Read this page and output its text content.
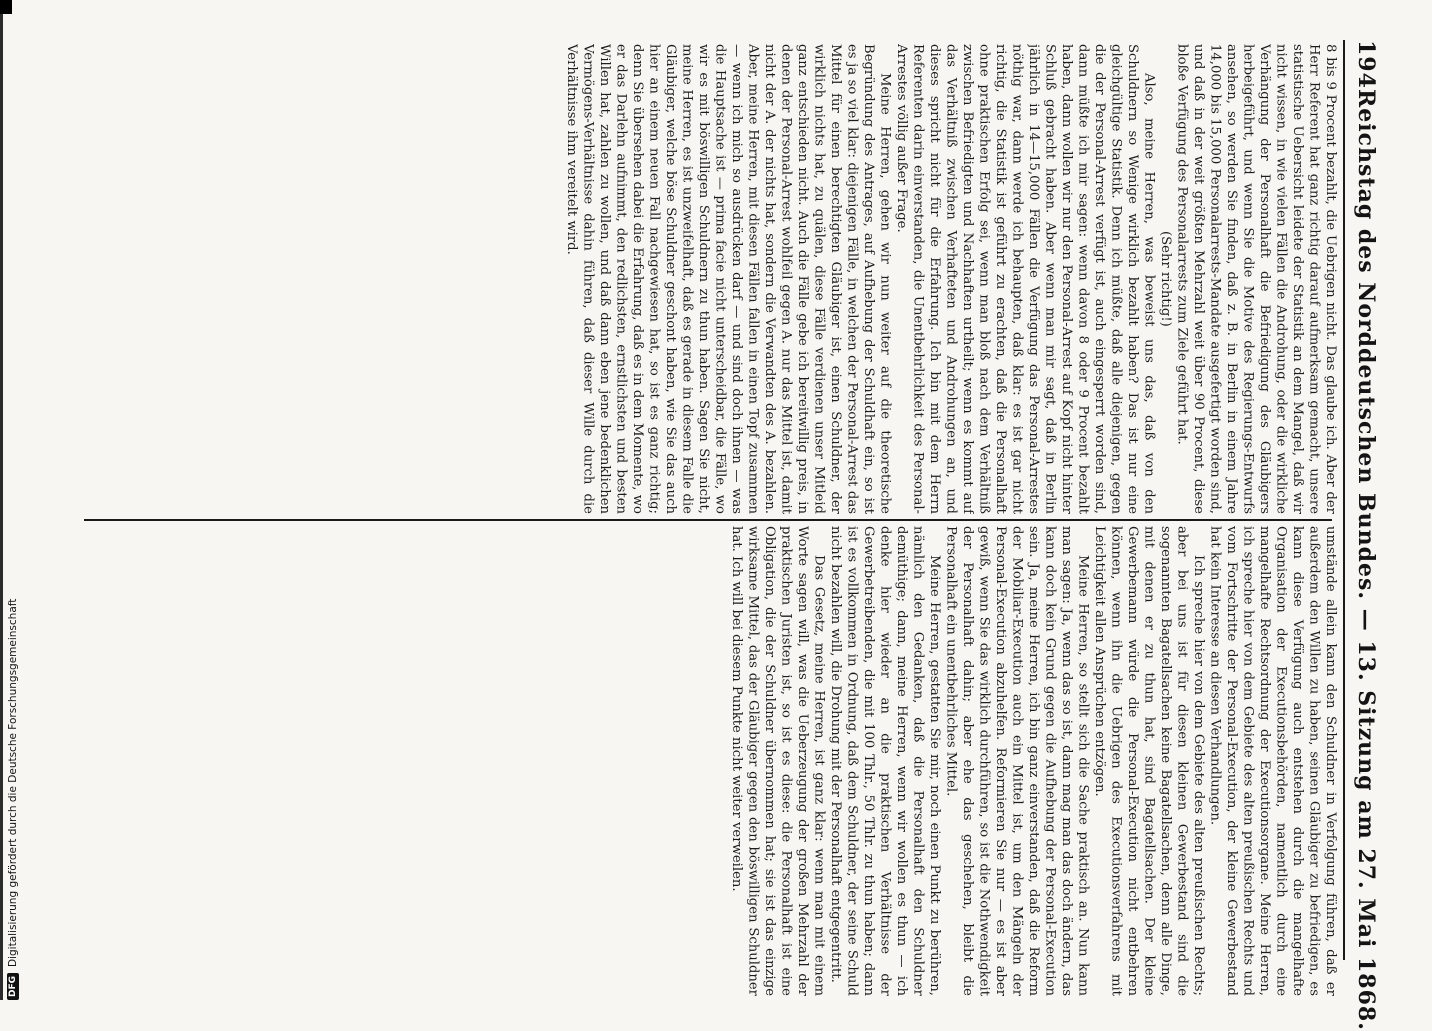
194
Reichstag des Norddeutschen Bundes. — 13. Sitzung am 27. Mai 1868.

8 bis 9 Procent bezahlt, die Uebrigen nicht. Das glaube ich. Aber der Herr Referent hat ganz richtig darauf aufmerksam gemacht, unsere statistische Uebersicht leidete der Statistik an dem Mangel, daß wir nicht wissen, in wie vielen Fällen die Androhung, oder die wirkliche Verhängung der Personalhaft die Befriedigung des Gläubigers herbeigeführt, und wenn Sie die Motive des Regierungs-Entwurfs ansehen, so werden Sie finden, daß z. B. in Berlin in einem Jahre 14,000 bis 15,000 Personalarrests-Mandate ausgefertigt worden sind, und daß in der weit größten Mehrzahl weit über 90 Procent, diese bloße Verfügung des Personalarrests zum Ziele geführt hat.

(Sehr richtig!)

Also, meine Herren, was beweist uns das, daß von den Schuldnern so Wenige wirklich bezahlt haben? Das ist nur eine gleichgültige Statistik. Denn ich müßte, daß alle diejenigen, gegen die der Personal-Arrest verfügt ist, auch eingesperrt worden sind, dann müßte ich mir sagen: wenn davon 8 oder 9 Procent bezahlt haben, dann wollen wir nur den Personal-Arrest auf Kopf nicht hinter Schluß gebracht haben. Aber wenn man mir sagt, daß in Berlin jährlich in 14—15,000 Fällen die Verfügung das Personal-Arrestes nöthig war, dann werde ich behaupten, daß klar: es ist gar nicht richtig, die Statistik ist geführt zu erachten, daß die Personalhaft ohne praktischen Erfolg sei, wenn man bloß nach dem Verhältniß zwischen Befriedigten und Nachhaften urtheilt; wenn es kommt auf das Verhältniß zwischen Verhafteten und Androhungen an, und dieses spricht nicht für die Erfahrung. Ich bin mit dem Herrn Referenten darin einverstanden, die Unentbehrlichkeit des Personal-Arrestes völlig außer Frage.

Meine Herren, gehen wir nun weiter auf die theoretische Begründung des Antrages, auf Aufhebung der Schuldhaft ein, so ist es ja so viel klar: diejenigen Fälle, in welchen der Personal-Arrest das Mittel für einen berechtigten Gläubiger ist, einen Schuldner, der wirklich nichts hat, zu quälen, diese Fälle verdienen unser Mitleid ganz entschieden nicht. Auch die Fälle gebe ich bereitwillig preis, in denen der Personal-Arrest wohlfeil gegen A. nur das Mittel ist, damit nicht der A. der nichts hat, sondern die Verwandten des A. bezahlen. Aber, meine Herren, mit diesen Fällen fallen in einen Topf zusammen — wenn ich mich so ausdrücken darf — und sind doch ihnen — was die Hauptsache ist — prima facie nicht unterscheidbar, die Fälle, wo wir es mit böswilligen Schuldnern zu thun haben. Sagen Sie nicht, meine Herren, es ist unzweifelhaft, daß es gerade in diesem Falle die Gläubiger, welche böse Schuldner geschont haben, wie Sie das auch hier an einem neuen Fall nachgewiesen hat, so ist es ganz richtig; denn Sie übersehen dabei die Erfahrung, daß es in dem Momente, wo er das Darlehn aufnimmt, den redlichsten, ernstlichsten und besten Willen hat, zahlen zu wollen, und daß dann eben jene bedenklichen Vermögens-Verhältnisse dahin führen, daß dieser Wille durch die Verhältnisse ihm vereitelt wird.

umstände allein kann den Schuldner in Verfolgung führen, daß er außerdem den Willen zu haben, seinen Gläubiger zu befriedigen, es kann diese Verfügung auch entstehen durch die mangelhafte Organisation der Executionsbehörden, namentlich durch eine mangelhafte Rechtsordnung der Executionsorgane. Meine Herren, ich spreche hier von dem Gebiete des alten preußischen Rechts und vom Fortschritte der Personal-Execution, der kleine Gewerbestand hat kein Interesse an diesen Verhandlungen.

Ich spreche hier von dem Gebiete des alten preußischen Rechts; aber bei uns ist für diesen kleinen Gewerbestand sind die sogenannten Bagatellsachen keine Bagatellsachen, denn alle Dinge, mit denen er zu thun hat, sind Bagatellsachen. Der kleine Gewerbemann würde die Personal-Execution nicht entbehren können, wenn ihn die Uebrigen des Executionsverfahrens mit Leichtigkeit allen Ansprüchen entzögen.

Meine Herren, so stellt sich die Sache praktisch an. Nun kann man sagen: Ja, wenn das so ist, dann mag man das doch ändern, das kann doch kein Grund gegen die Aufhebung der Personal-Execution sein. Ja, meine Herren, ich bin ganz einverstanden, daß die Reform der Mobiliar-Execution auch ein Mittel ist, um den Mängeln der Personal-Execution abzuhelfen. Reformieren Sie nur — es ist aber gewiß, wenn Sie das wirklich durchführen, so ist die Nothwendigkeit der Personalhaft dahin; aber ehe das geschehen, bleibt die Personalhaft ein unentbehrliches Mittel.

Meine Herren, gestatten Sie mir, noch einen Punkt zu berühren, nämlich den Gedanken, daß die Personalhaft den Schuldner demüthige; dann, meine Herren, wenn wir wollen es thun — ich denke hier wieder an die praktischen Verhältnisse der Gewerbetreibenden, die mit 100 Thlr., 50 Thlr. zu thun haben; dann ist es vollkommen in Ordnung, daß dem Schuldner, der seine Schuld nicht bezahlen will, die Drohung mit der Personalhaft entgegentritt.

Das Gesetz, meine Herren, ist ganz klar: wenn man mit einem Worte sagen will, was die Ueberzeugung der großen Mehrzahl der praktischen Juristen ist, so ist es diese: die Personalhaft ist eine Obligation, die der Schuldner übernommen hat; sie ist das einzige wirksame Mittel, das der Gläubiger gegen den böswilligen Schuldner hat. Ich will bei diesem Punkte nicht weiter verweilen.

DFG
Digitalisierung gefördert durch die Deutsche Forschungsgemeinschaft
